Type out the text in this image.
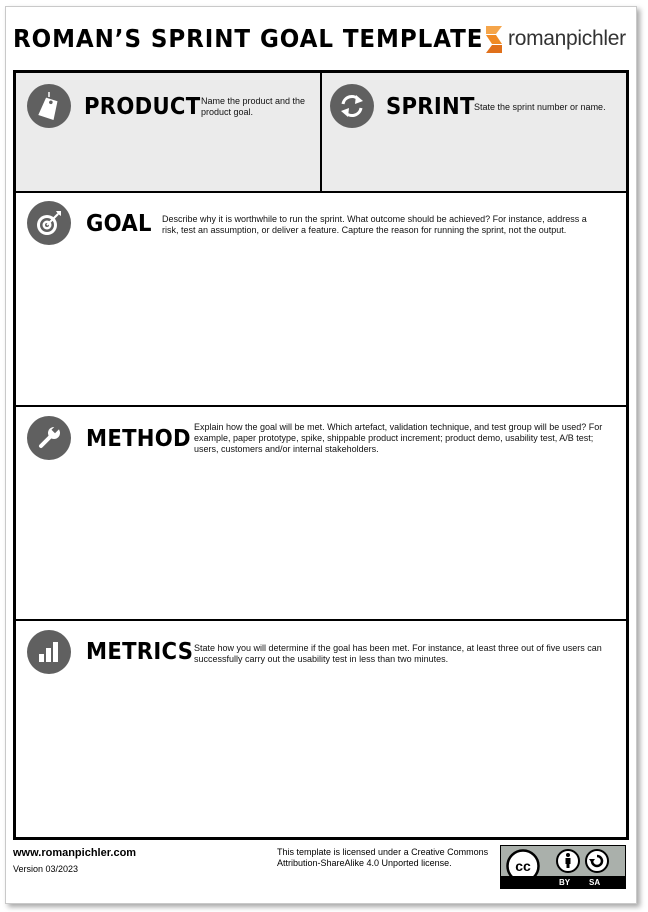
ROMAN’S SPRINT GOAL TEMPLATE romanpichler
PRODUCT Name the product and the product goal.	SPRINT State the sprint number or name.
GOAL Describe why it is worthwhile to run the sprint. What outcome should be achieved? For instance, address a risk, test an assumption, or deliver a feature. Capture the reason for running the sprint, not the output.
METHOD Explain how the goal will be met. Which artefact, validation technique, and test group will be used? For example, paper prototype, spike, shippable product increment; product demo, usability test, A/B test; users, customers and/or internal stakeholders.
METRICS State how you will determine if the goal has been met. For instance, at least three out of five users can successfully carry out the usability test in less than two minutes.
www.romanpichler.com
Version 03/2023
This template is licensed under a Creative Commons Attribution-ShareAlike 4.0 Unported license.	cc
BY SA
